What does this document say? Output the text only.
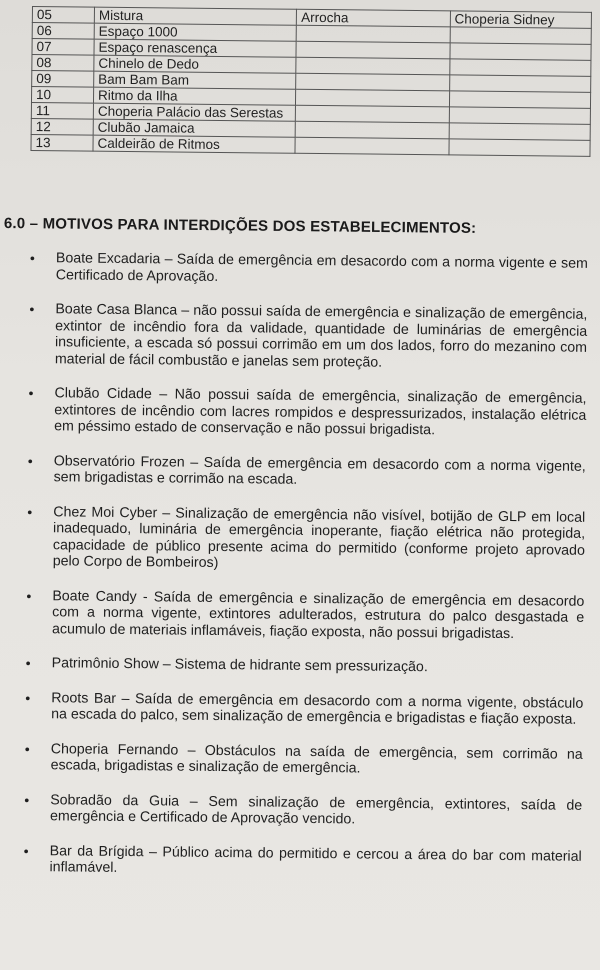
05	Mistura	Arrocha	Choperia Sidney
06	Espaço 1000		
07	Espaço renascença		
08	Chinelo de Dedo		
09	Bam Bam Bam		
10	Ritmo da Ilha		
11	Choperia Palácio das Serestas		
12	Clubão Jamaica		
13	Caldeirão de Ritmos		
6.0 – MOTIVOS PARA INTERDIÇÕES DOS ESTABELECIMENTOS:
• Boate Excadaria – Saída de emergência em desacordo com a norma vigente e sem Certificado de Aprovação.
• Boate Casa Blanca – não possui saída de emergência e sinalização de emergência, extintor de incêndio fora da validade, quantidade de luminárias de emergência insuficiente, a escada só possui corrimão em um dos lados, forro do mezanino com material de fácil combustão e janelas sem proteção.
• Clubão Cidade – Não possui saída de emergência, sinalização de emergência, extintores de incêndio com lacres rompidos e despressurizados, instalação elétrica em péssimo estado de conservação e não possui brigadista.
• Observatório Frozen – Saída de emergência em desacordo com a norma vigente, sem brigadistas e corrimão na escada.
• Chez Moi Cyber – Sinalização de emergência não visível, botijão de GLP em local inadequado, luminária de emergência inoperante, fiação elétrica não protegida, capacidade de público presente acima do permitido (conforme projeto aprovado pelo Corpo de Bombeiros)
• Boate Candy - Saída de emergência e sinalização de emergência em desacordo com a norma vigente, extintores adulterados, estrutura do palco desgastada e acumulo de materiais inflamáveis, fiação exposta, não possui brigadistas.
• Patrimônio Show – Sistema de hidrante sem pressurização.
• Roots Bar – Saída de emergência em desacordo com a norma vigente, obstáculo na escada do palco, sem sinalização de emergência e brigadistas e fiação exposta.
• Choperia Fernando – Obstáculos na saída de emergência, sem corrimão na escada, brigadistas e sinalização de emergência.
• Sobradão da Guia – Sem sinalização de emergência, extintores, saída de emergência e Certificado de Aprovação vencido.
• Bar da Brígida – Público acima do permitido e cercou a área do bar com material inflamável.
